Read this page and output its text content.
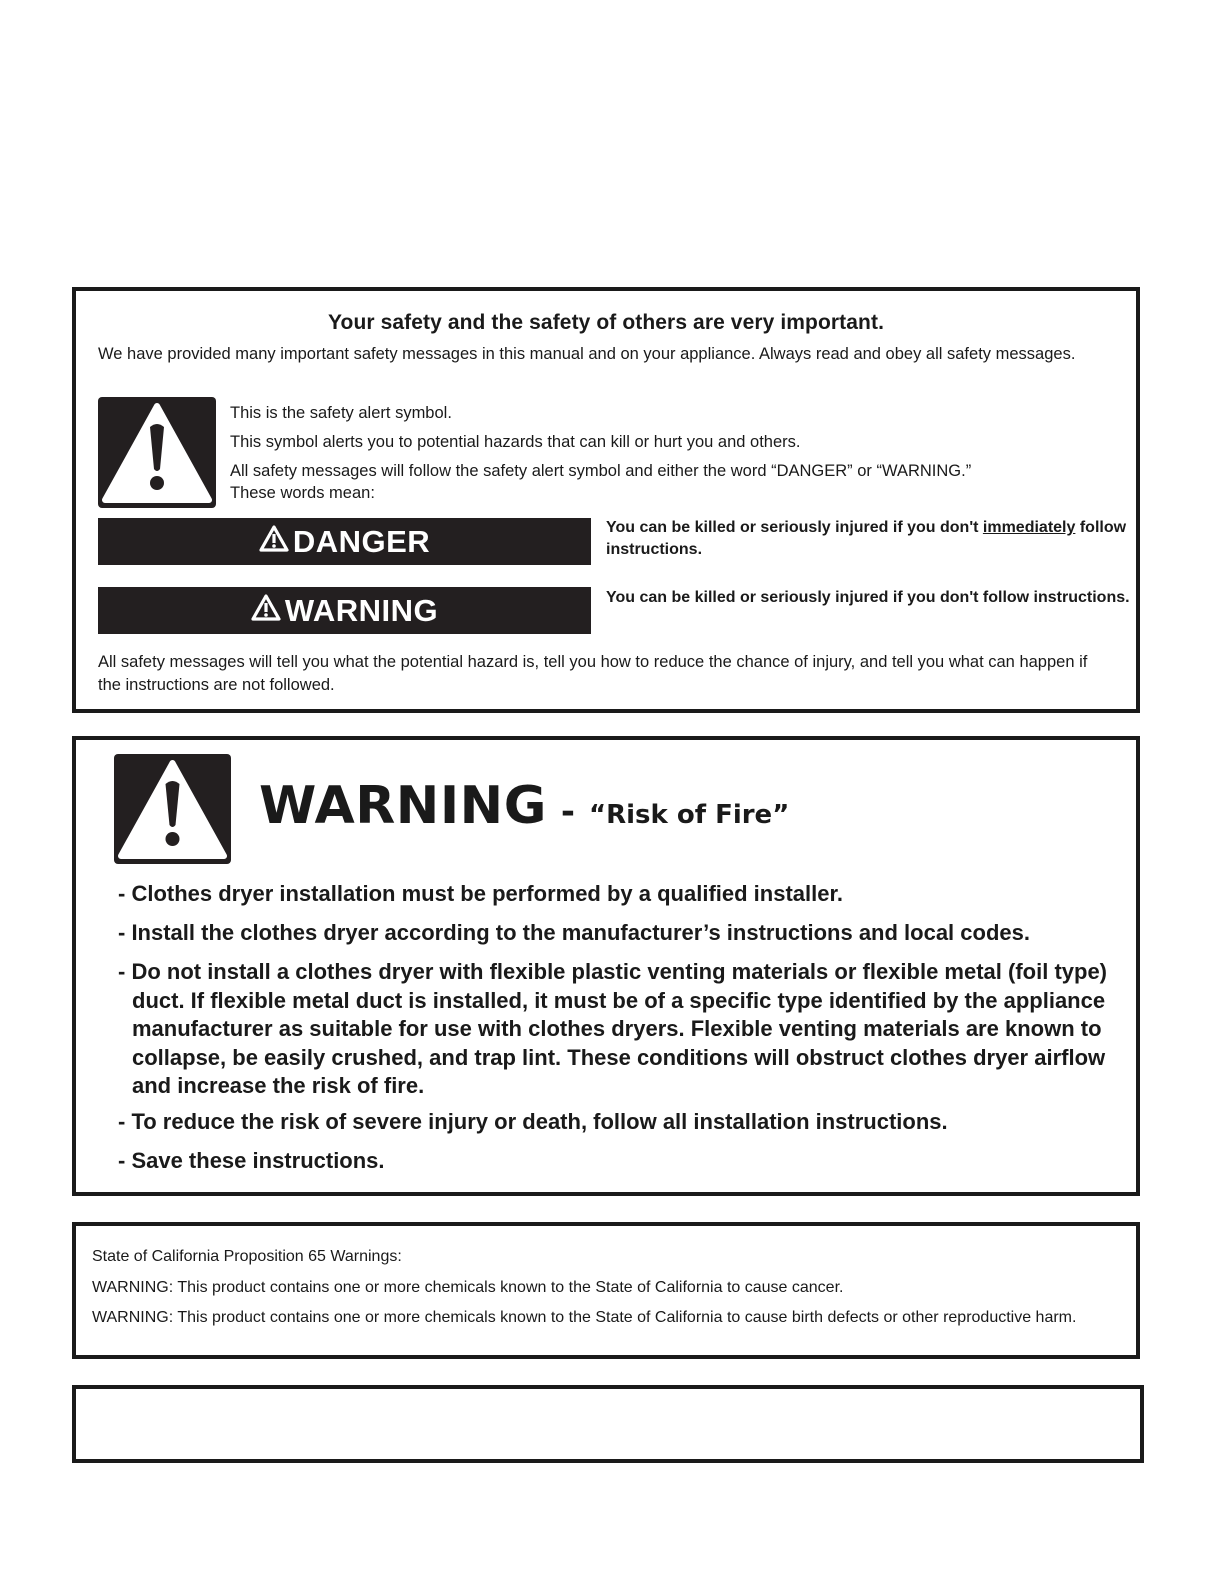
Your safety and the safety of others are very important.
We have provided many important safety messages in this manual and on your appliance. Always read and obey all safety messages.
This is the safety alert symbol.
This symbol alerts you to potential hazards that can kill or hurt you and others.
All safety messages will follow the safety alert symbol and either the word “DANGER” or “WARNING.”
These words mean:
DANGER	You can be killed or seriously injured if you don't immediately follow instructions.
WARNING	You can be killed or seriously injured if you don't follow instructions.
All safety messages will tell you what the potential hazard is, tell you how to reduce the chance of injury, and tell you what can happen if the instructions are not followed.
WARNING - “Risk of Fire”
- Clothes dryer installation must be performed by a qualified installer.
- Install the clothes dryer according to the manufacturer’s instructions and local codes.
- Do not install a clothes dryer with flexible plastic venting materials or flexible metal (foil type) duct. If flexible metal duct is installed, it must be of a specific type identified by the appliance manufacturer as suitable for use with clothes dryers. Flexible venting materials are known to collapse, be easily crushed, and trap lint. These conditions will obstruct clothes dryer airflow and increase the risk of fire.
- To reduce the risk of severe injury or death, follow all installation instructions.
- Save these instructions.
State of California Proposition 65 Warnings:
WARNING: This product contains one or more chemicals known to the State of California to cause cancer.
WARNING: This product contains one or more chemicals known to the State of California to cause birth defects or other reproductive harm.
